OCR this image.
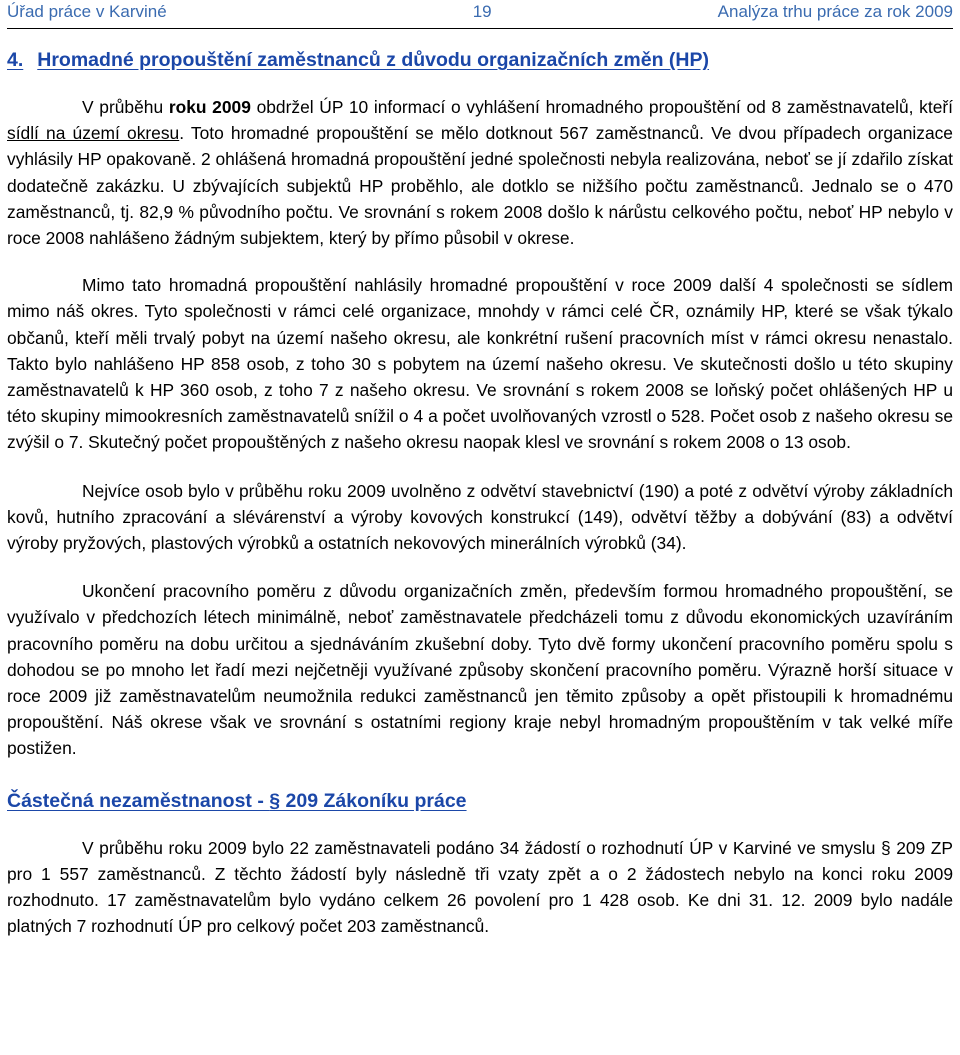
Úřad práce v Karviné	19	Analýza trhu práce za rok 2009
4. Hromadné propouštění zaměstnanců z důvodu organizačních změn (HP)

V průběhu roku 2009 obdržel ÚP 10 informací o vyhlášení hromadného propouštění od 8 zaměstnavatelů, kteří sídlí na území okresu. Toto hromadné propouštění se mělo dotknout 567 zaměstnanců. Ve dvou případech organizace vyhlásily HP opakovaně. 2 ohlášená hromadná propouštění jedné společnosti nebyla realizována, neboť se jí zdařilo získat dodatečně zakázku. U zbývajících subjektů HP proběhlo, ale dotklo se nižšího počtu zaměstnanců. Jednalo se o 470 zaměstnanců, tj. 82,9 % původního počtu. Ve srovnání s rokem 2008 došlo k nárůstu celkového počtu, neboť HP nebylo v roce 2008 nahlášeno žádným subjektem, který by přímo působil v okrese.

Mimo tato hromadná propouštění nahlásily hromadné propouštění v roce 2009 další 4 společnosti se sídlem mimo náš okres. Tyto společnosti v rámci celé organizace, mnohdy v rámci celé ČR, oznámily HP, které se však týkalo občanů, kteří měli trvalý pobyt na území našeho okresu, ale konkrétní rušení pracovních míst v rámci okresu nenastalo. Takto bylo nahlášeno HP 858 osob, z toho 30 s pobytem na území našeho okresu. Ve skutečnosti došlo u této skupiny zaměstnavatelů k HP 360 osob, z toho 7 z našeho okresu. Ve srovnání s rokem 2008 se loňský počet ohlášených HP u této skupiny mimookresních zaměstnavatelů snížil o 4 a počet uvolňovaných vzrostl o 528. Počet osob z našeho okresu se zvýšil o 7. Skutečný počet propouštěných z našeho okresu naopak klesl ve srovnání s rokem 2008 o 13 osob.

Nejvíce osob bylo v průběhu roku 2009 uvolněno z odvětví stavebnictví (190) a poté z odvětví výroby základních kovů, hutního zpracování a slévárenství a výroby kovových konstrukcí (149), odvětví těžby a dobývání (83) a odvětví výroby pryžových, plastových výrobků a ostatních nekovových minerálních výrobků (34).

Ukončení pracovního poměru z důvodu organizačních změn, především formou hromadného propouštění, se využívalo v předchozích létech minimálně, neboť zaměstnavatele předcházeli tomu z důvodu ekonomických uzavíráním pracovního poměru na dobu určitou a sjednáváním zkušební doby. Tyto dvě formy ukončení pracovního poměru spolu s dohodou se po mnoho let řadí mezi nejčetněji využívané způsoby skončení pracovního poměru. Výrazně horší situace v roce 2009 již zaměstnavatelům neumožnila redukci zaměstnanců jen těmito způsoby a opět přistoupili k hromadnému propouštění. Náš okrese však ve srovnání s ostatními regiony kraje nebyl hromadným propouštěním v tak velké míře postižen.

Částečná nezaměstnanost - § 209 Zákoníku práce

V průběhu roku 2009 bylo 22 zaměstnavateli podáno 34 žádostí o rozhodnutí ÚP v Karviné ve smyslu § 209 ZP pro 1 557 zaměstnanců. Z těchto žádostí byly následně tři vzaty zpět a o 2 žádostech nebylo na konci roku 2009 rozhodnuto. 17 zaměstnavatelům bylo vydáno celkem 26 povolení pro 1 428 osob. Ke dni 31. 12. 2009 bylo nadále platných 7 rozhodnutí ÚP pro celkový počet 203 zaměstnanců.
